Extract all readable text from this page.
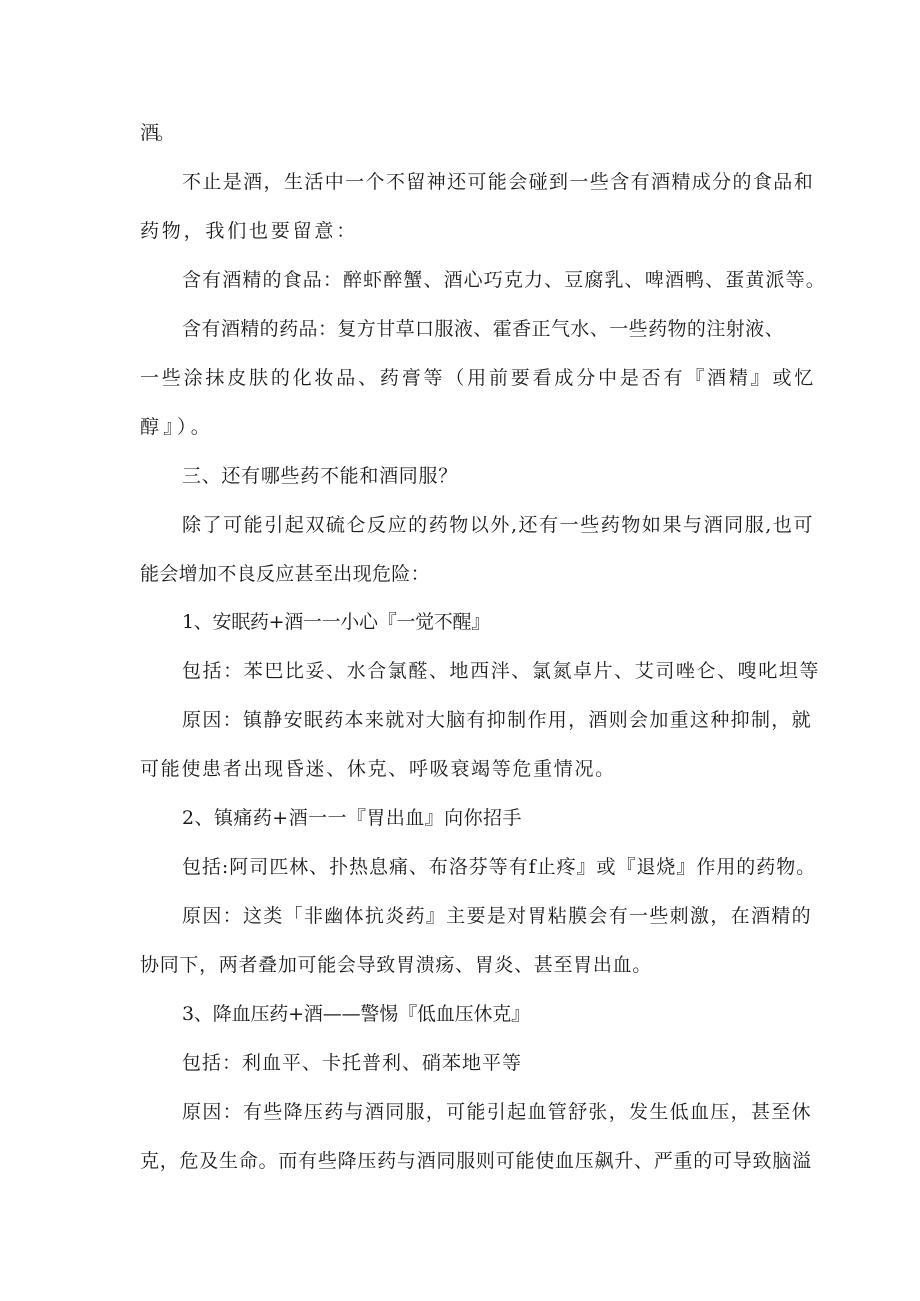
酒。
不止是酒，生活中一个不留神还可能会碰到一些含有酒精成分的食品和
药物，我们也要留意：
含有酒精的食品：醉虾醉蟹、酒心巧克力、豆腐乳、啤酒鸭、蛋黄派等。
含有酒精的药品：复方甘草口服液、霍香正气水、一些药物的注射液、
一些涂抹皮肤的化妆品、药膏等（用前要看成分中是否有『酒精』或忆
醇』）。
三、还有哪些药不能和酒同服？
除了可能引起双硫仑反应的药物以外,还有一些药物如果与酒同服,也可
能会增加不良反应甚至出现危险：
1、安眠药+酒一一小心『一觉不醒』
包括：苯巴比妥、水合氯醛、地西泮、氯氮卓片、艾司唑仑、嗖叱坦等
原因：镇静安眠药本来就对大脑有抑制作用，酒则会加重这种抑制，就
可能使患者出现昏迷、休克、呼吸衰竭等危重情况。
2、镇痛药+酒一一『胃出血』向你招手
包括:阿司匹林、扑热息痛、布洛芬等有f止疼』或『退烧』作用的药物。
原因：这类「非幽体抗炎药』主要是对胃粘膜会有一些刺激，在酒精的
协同下，两者叠加可能会导致胃溃疡、胃炎、甚至胃出血。
3、降血压药+酒——警惕『低血压休克』
包括：利血平、卡托普利、硝苯地平等
原因：有些降压药与酒同服，可能引起血管舒张，发生低血压，甚至休
克，危及生命。而有些降压药与酒同服则可能使血压飙升、严重的可导致脑溢
